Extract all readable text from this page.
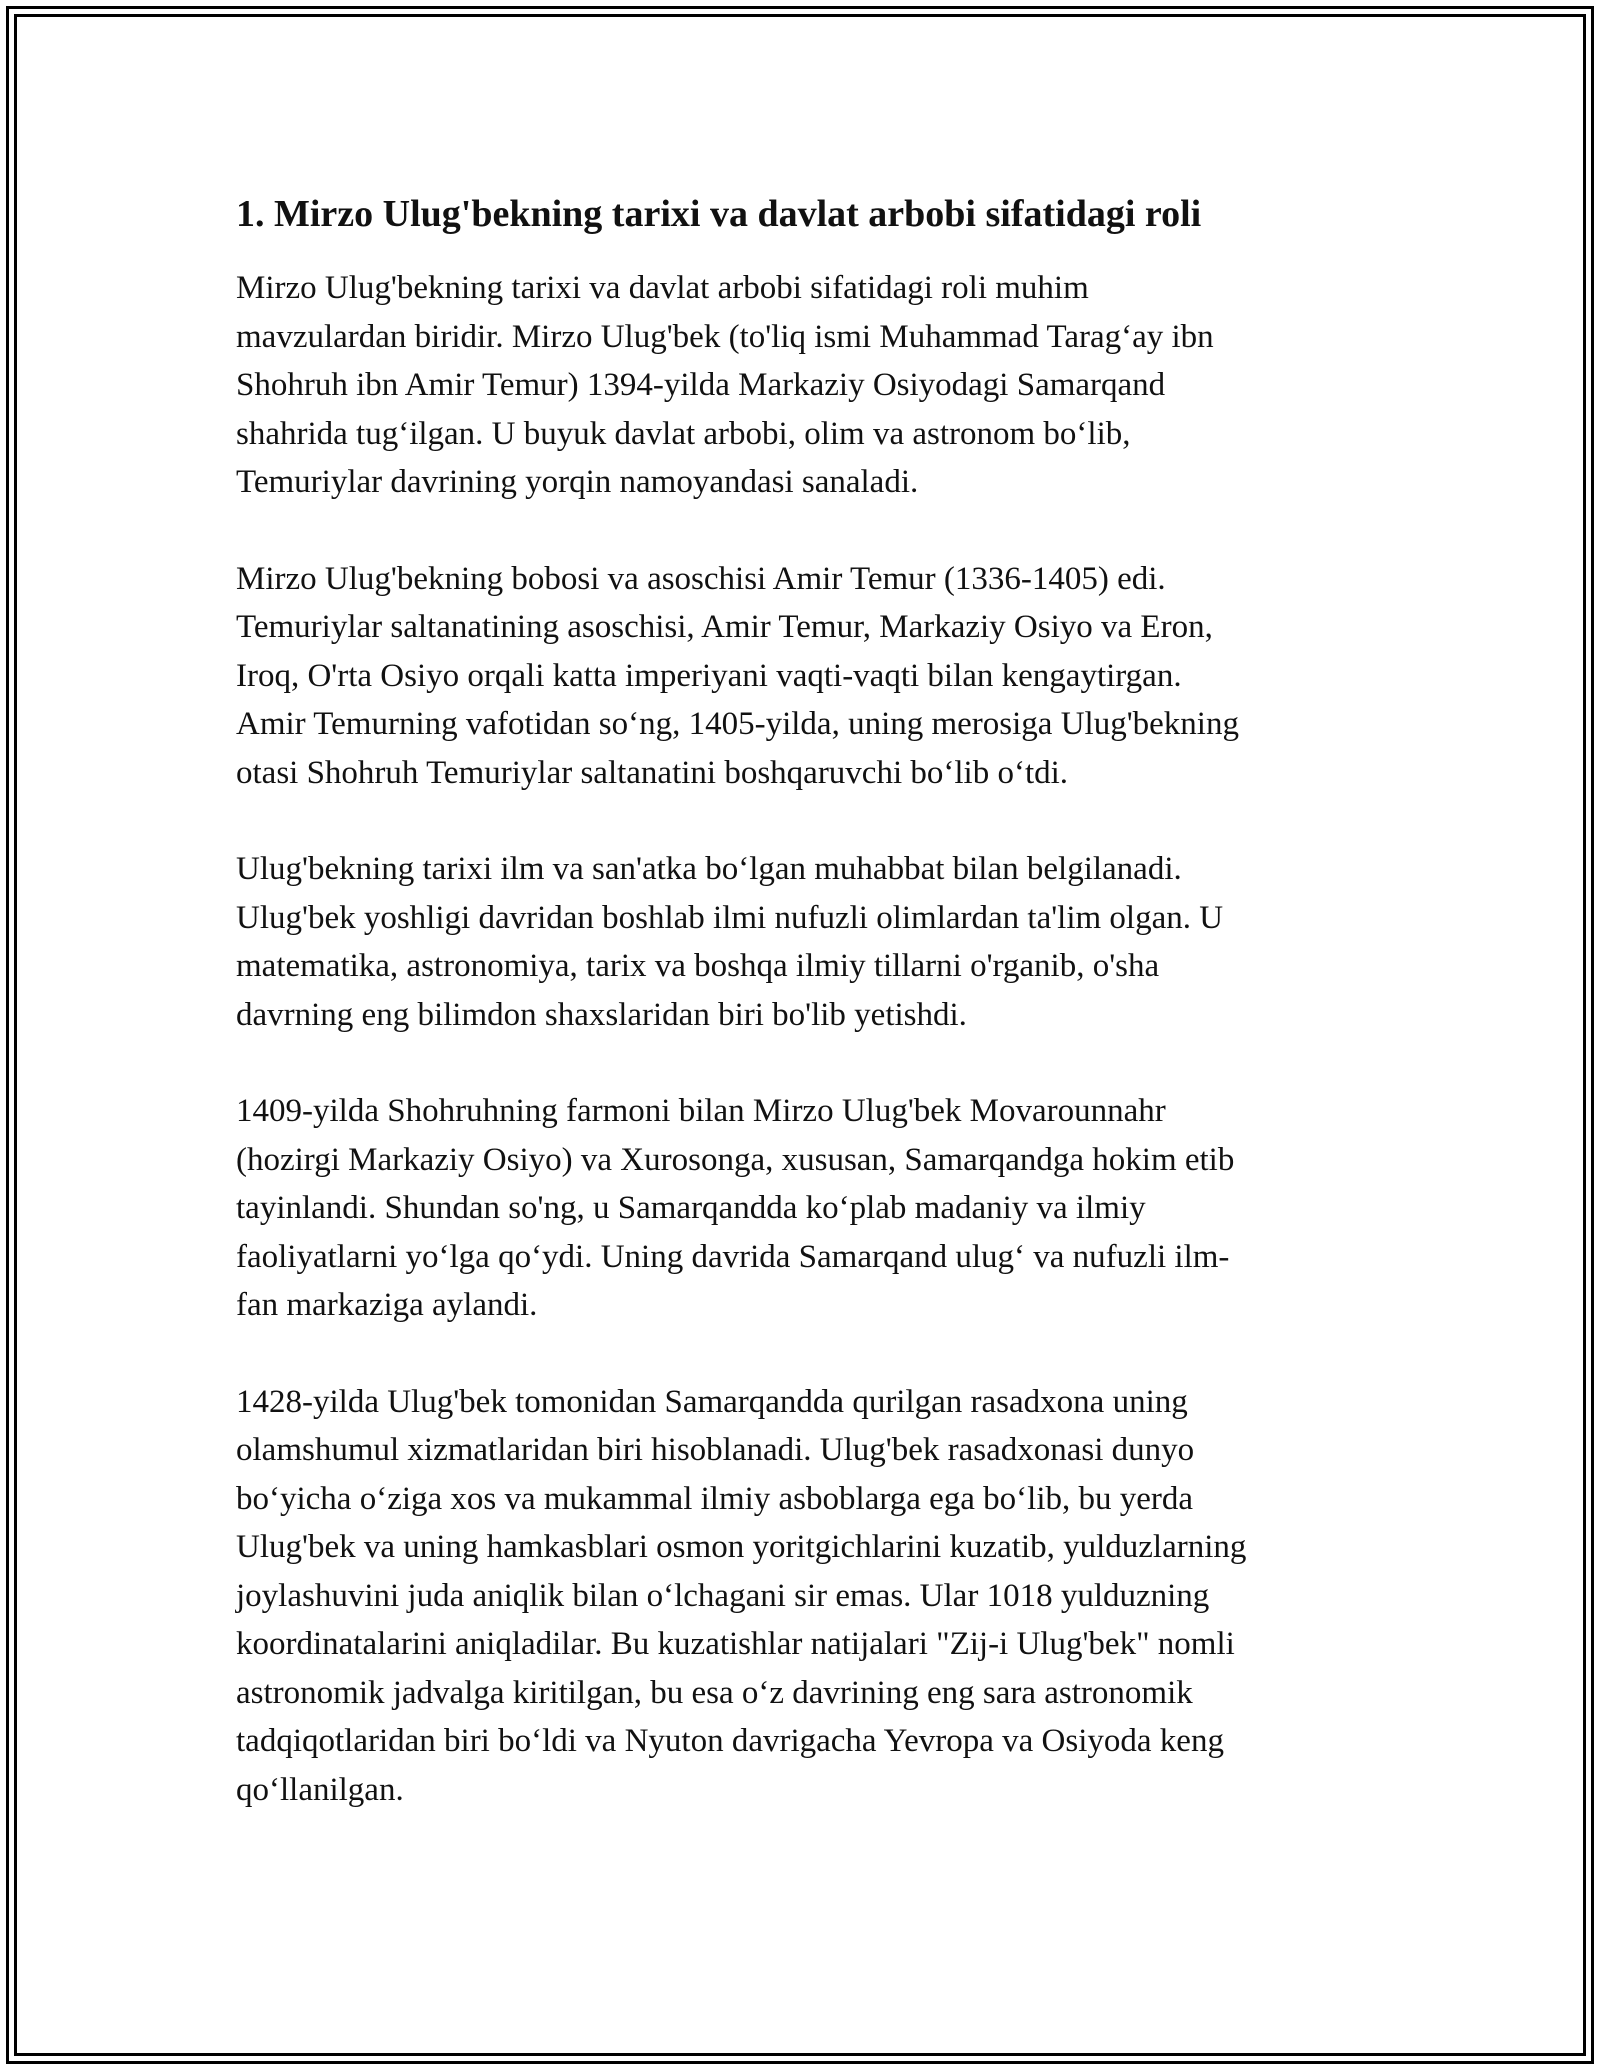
1. Mirzo Ulug'bekning tarixi va davlat arbobi sifatidagi roli
Mirzo Ulug'bekning tarixi va davlat arbobi sifatidagi roli muhim
mavzulardan biridir. Mirzo Ulug'bek (to'liq ismi Muhammad Tarag‘ay ibn
Shohruh ibn Amir Temur) 1394-yilda Markaziy Osiyodagi Samarqand
shahrida tug‘ilgan. U buyuk davlat arbobi, olim va astronom bo‘lib,
Temuriylar davrining yorqin namoyandasi sanaladi.
Mirzo Ulug'bekning bobosi va asoschisi Amir Temur (1336-1405) edi.
Temuriylar saltanatining asoschisi, Amir Temur, Markaziy Osiyo va Eron,
Iroq, O'rta Osiyo orqali katta imperiyani vaqti-vaqti bilan kengaytirgan.
Amir Temurning vafotidan so‘ng, 1405-yilda, uning merosiga Ulug'bekning
otasi Shohruh Temuriylar saltanatini boshqaruvchi bo‘lib o‘tdi.
Ulug'bekning tarixi ilm va san'atka bo‘lgan muhabbat bilan belgilanadi.
Ulug'bek yoshligi davridan boshlab ilmi nufuzli olimlardan ta'lim olgan. U
matematika, astronomiya, tarix va boshqa ilmiy tillarni o'rganib, o'sha
davrning eng bilimdon shaxslaridan biri bo'lib yetishdi.
1409-yilda Shohruhning farmoni bilan Mirzo Ulug'bek Movarounnahr
(hozirgi Markaziy Osiyo) va Xurosonga, xususan, Samarqandga hokim etib
tayinlandi. Shundan so'ng, u Samarqandda ko‘plab madaniy va ilmiy
faoliyatlarni yo‘lga qo‘ydi. Uning davrida Samarqand ulug‘ va nufuzli ilm-
fan markaziga aylandi.
1428-yilda Ulug'bek tomonidan Samarqandda qurilgan rasadxona uning
olamshumul xizmatlaridan biri hisoblanadi. Ulug'bek rasadxonasi dunyo
bo‘yicha o‘ziga xos va mukammal ilmiy asboblarga ega bo‘lib, bu yerda
Ulug'bek va uning hamkasblari osmon yoritgichlarini kuzatib, yulduzlarning
joylashuvini juda aniqlik bilan o‘lchagani sir emas. Ular 1018 yulduzning
koordinatalarini aniqladilar. Bu kuzatishlar natijalari "Zij-i Ulug'bek" nomli
astronomik jadvalga kiritilgan, bu esa o‘z davrining eng sara astronomik
tadqiqotlaridan biri bo‘ldi va Nyuton davrigacha Yevropa va Osiyoda keng
qo‘llanilgan.
